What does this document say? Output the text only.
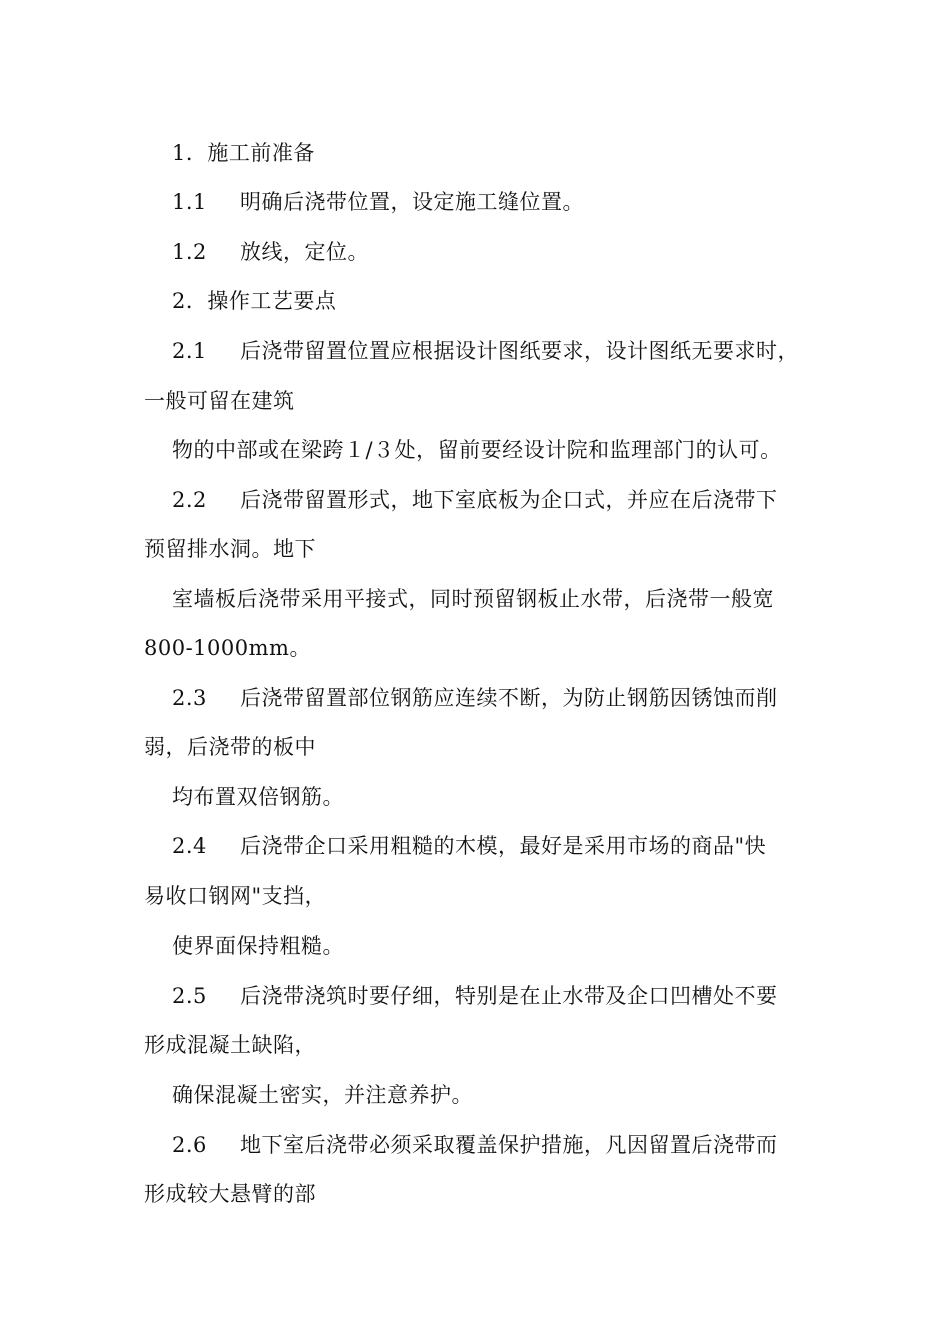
1．施工前准备
1.1 明确后浇带位置，设定施工缝位置。
1.2 放线，定位。
2．操作工艺要点
2.1 后浇带留置位置应根据设计图纸要求，设计图纸无要求时，
一般可留在建筑
物的中部或在梁跨１/３处，留前要经设计院和监理部门的认可。
2.2 后浇带留置形式，地下室底板为企口式，并应在后浇带下
预留排水洞。地下
室墙板后浇带采用平接式，同时预留钢板止水带，后浇带一般宽
800-1000mm。
2.3 后浇带留置部位钢筋应连续不断，为防止钢筋因锈蚀而削
弱，后浇带的板中
均布置双倍钢筋。
2.4 后浇带企口采用粗糙的木模，最好是采用市场的商品"快
易收口钢网"支挡，
使界面保持粗糙。
2.5 后浇带浇筑时要仔细，特别是在止水带及企口凹槽处不要
形成混凝土缺陷，
确保混凝土密实，并注意养护。
2.6 地下室后浇带必须采取覆盖保护措施，凡因留置后浇带而
形成较大悬臂的部
